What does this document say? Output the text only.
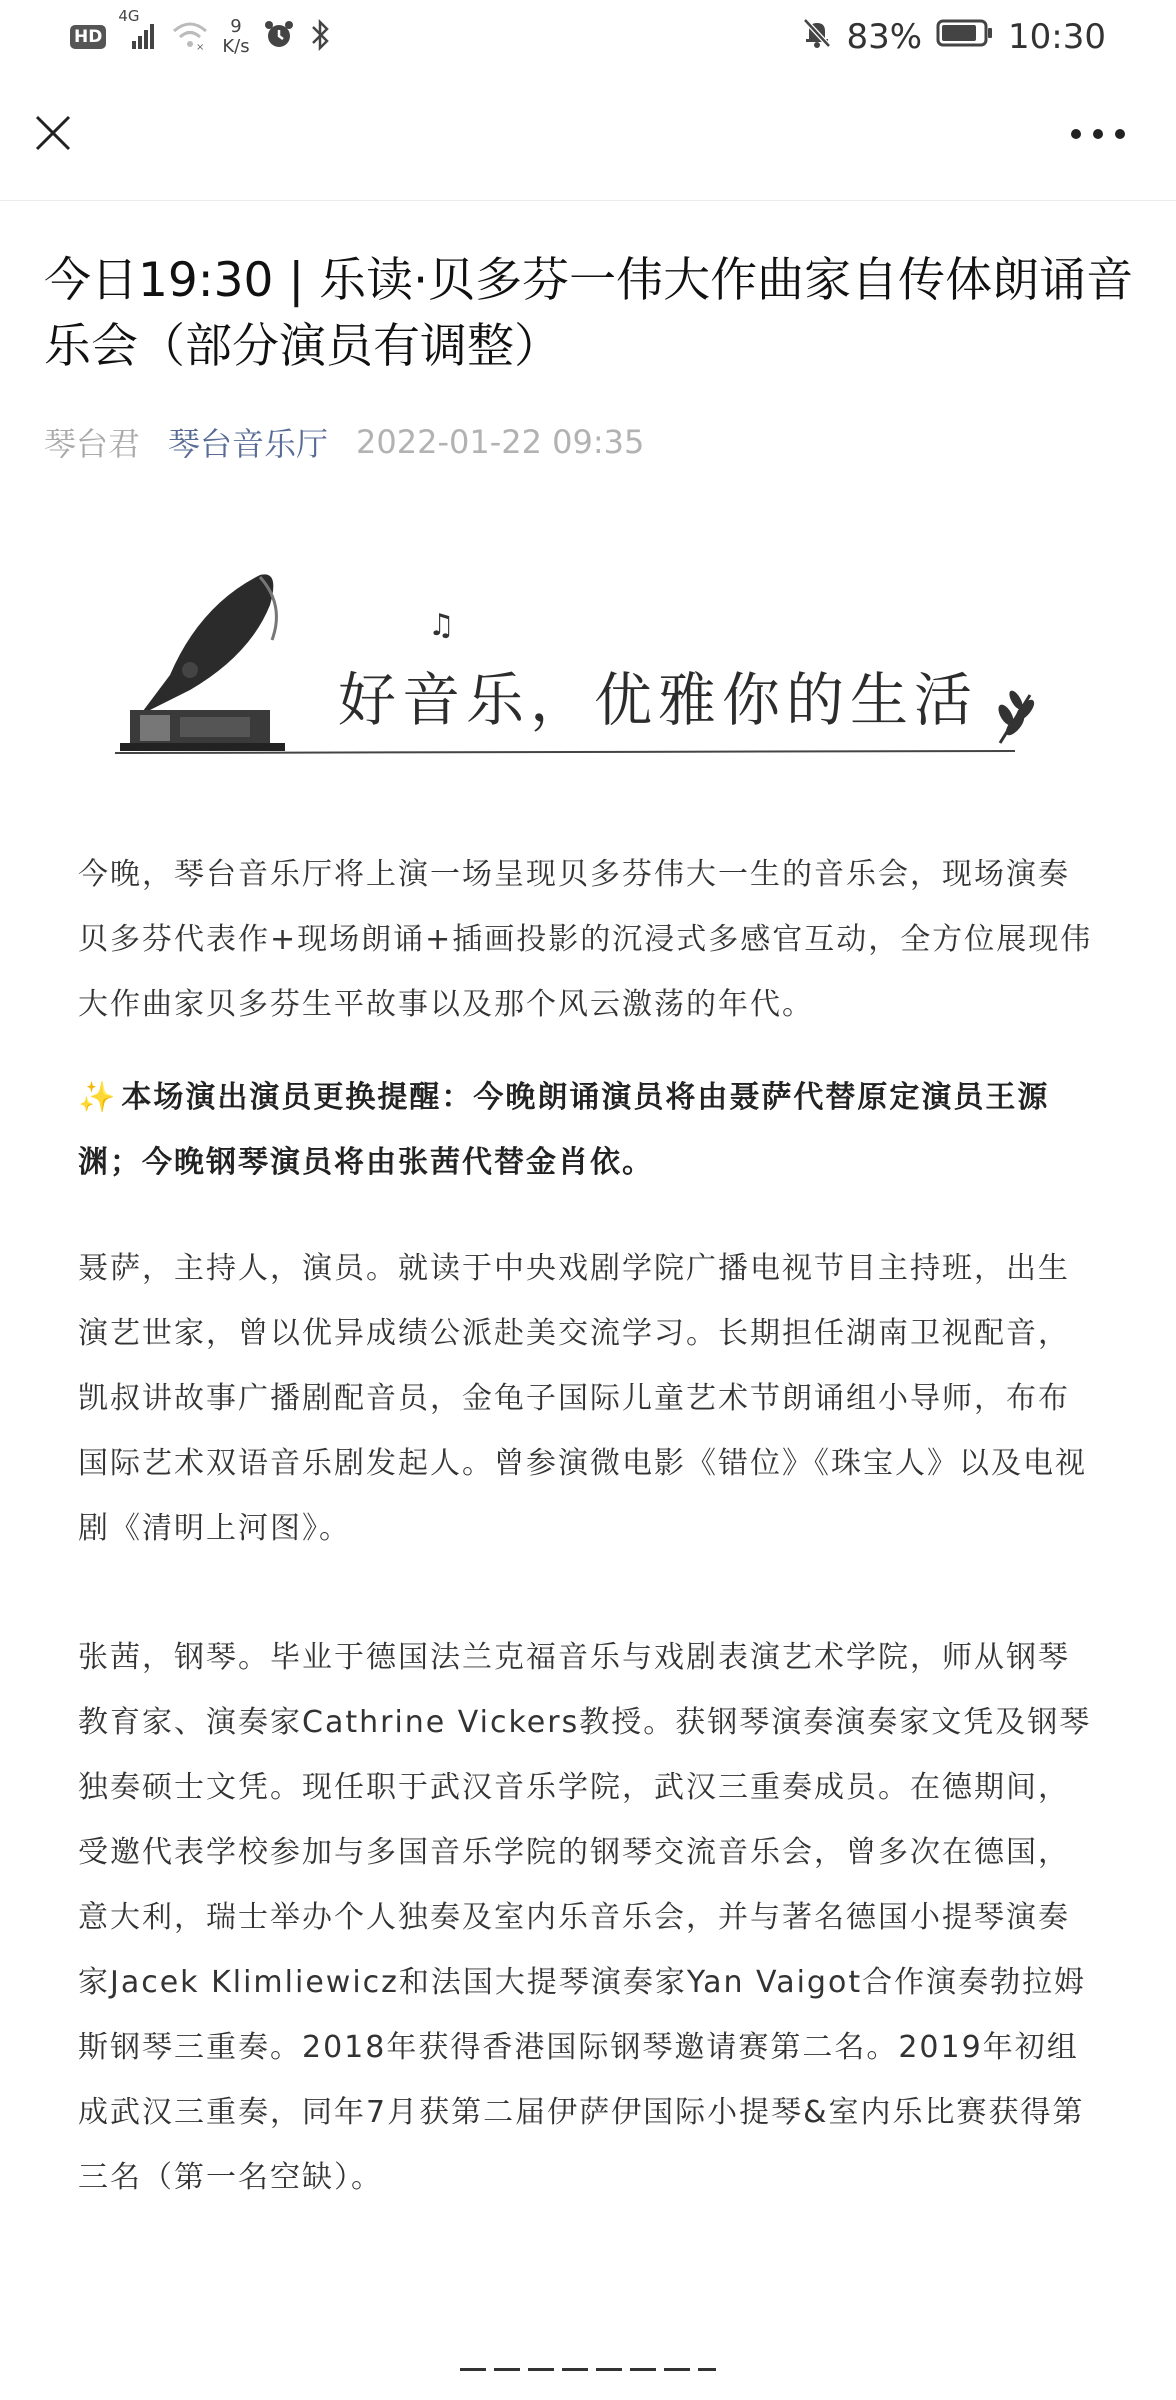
HD
4G
×
9
K/s	83%	10:30
今日19:30 | 乐读·贝多芬一伟大作曲家自传体朗诵音乐会（部分演员有调整）
琴台君 琴台音乐厅 2022-01-22 09:35
♫
好音乐，优雅你的生活

今晚，琴台音乐厅将上演一场呈现贝多芬伟大一生的音乐会，现场演奏贝多芬代表作+现场朗诵+插画投影的沉浸式多感官互动，全方位展现伟大作曲家贝多芬生平故事以及那个风云激荡的年代。

✨ 本场演出演员更换提醒：今晚朗诵演员将由聂萨代替原定演员王源渊；今晚钢琴演员将由张茜代替金肖依。

聂萨，主持人，演员。就读于中央戏剧学院广播电视节目主持班，出生演艺世家，曾以优异成绩公派赴美交流学习。长期担任湖南卫视配音，凯叔讲故事广播剧配音员，金龟子国际儿童艺术节朗诵组小导师，布布国际艺术双语音乐剧发起人。曾参演微电影《错位》《珠宝人》以及电视剧《清明上河图》。

张茜，钢琴。毕业于德国法兰克福音乐与戏剧表演艺术学院，师从钢琴教育家、演奏家Cathrine Vickers教授。获钢琴演奏演奏家文凭及钢琴独奏硕士文凭。现任职于武汉音乐学院，武汉三重奏成员。在德期间，受邀代表学校参加与多国音乐学院的钢琴交流音乐会，曾多次在德国，意大利，瑞士举办个人独奏及室内乐音乐会，并与著名德国小提琴演奏家Jacek Klimliewicz和法国大提琴演奏家Yan Vaigot合作演奏勃拉姆斯钢琴三重奏。2018年获得香港国际钢琴邀请赛第二名。2019年初组成武汉三重奏，同年7月获第二届伊萨伊国际小提琴&室内乐比赛获得第三名（第一名空缺）。
